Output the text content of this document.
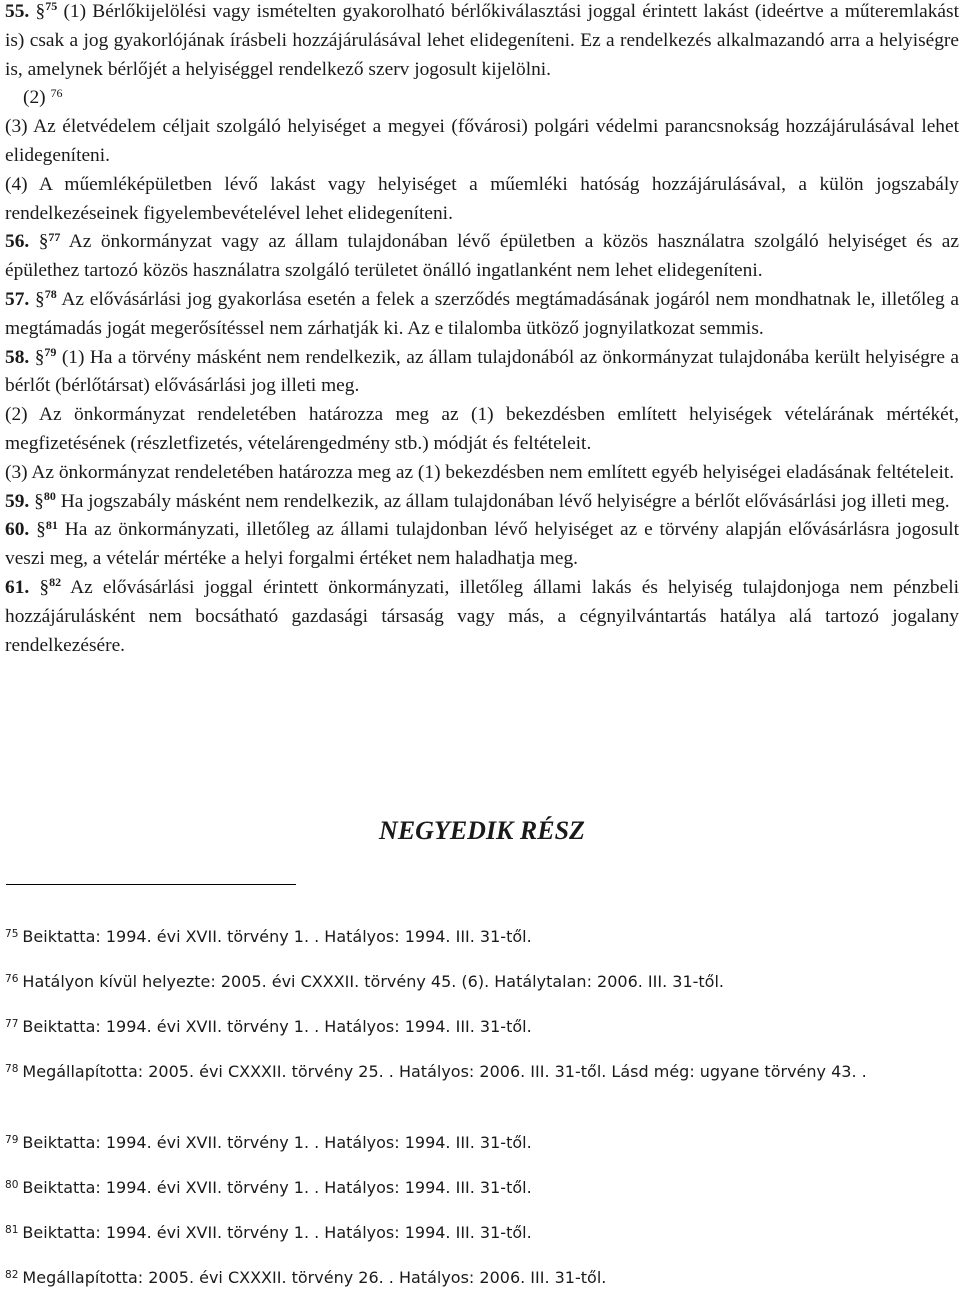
55. §$^{75}$ (1) Bérlőkijelölési vagy ismételten gyakorolható bérlőkiválasztási joggal érintett lakást (ideértve a műteremlakást is) csak a jog gyakorlójának írásbeli hozzájárulásával lehet elidegeníteni. Ez a rendelkezés alkalmazandó arra a helyiségre is, amelynek bérlőjét a helyiséggel rendelkező szerv jogosult kijelölni.

(2) $^{76}$

(3) Az életvédelem céljait szolgáló helyiséget a megyei (fővárosi) polgári védelmi parancsnokság hozzájárulásával lehet elidegeníteni.

(4) A műemléképületben lévő lakást vagy helyiséget a műemléki hatóság hozzájárulásával, a külön jogszabály rendelkezéseinek figyelembevételével lehet elidegeníteni.

56. §$^{77}$ Az önkormányzat vagy az állam tulajdonában lévő épületben a közös használatra szolgáló helyiséget és az épülethez tartozó közös használatra szolgáló területet önálló ingatlanként nem lehet elidegeníteni.

57. §$^{78}$ Az elővásárlási jog gyakorlása esetén a felek a szerződés megtámadásának jogáról nem mondhatnak le, illetőleg a megtámadás jogát megerősítéssel nem zárhatják ki. Az e tilalomba ütköző jognyilatkozat semmis.

58. §$^{79}$ (1) Ha a törvény másként nem rendelkezik, az állam tulajdonából az önkormányzat tulajdonába került helyiségre a bérlőt (bérlőtársat) elővásárlási jog illeti meg.

(2) Az önkormányzat rendeletében határozza meg az (1) bekezdésben említett helyiségek vételárának mértékét, megfizetésének (részletfizetés, vételárengedmény stb.) módját és feltételeit.

(3) Az önkormányzat rendeletében határozza meg az (1) bekezdésben nem említett egyéb helyiségei eladásának feltételeit.

59. §$^{80}$ Ha jogszabály másként nem rendelkezik, az állam tulajdonában lévő helyiségre a bérlőt elővásárlási jog illeti meg.

60. §$^{81}$ Ha az önkormányzati, illetőleg az állami tulajdonban lévő helyiséget az e törvény alapján elővásárlásra jogosult veszi meg, a vételár mértéke a helyi forgalmi értéket nem haladhatja meg.

61. §$^{82}$ Az elővásárlási joggal érintett önkormányzati, illetőleg állami lakás és helyiség tulajdonjoga nem pénzbeli hozzájárulásként nem bocsátható gazdasági társaság vagy más, a cégnyilvántartás hatálya alá tartozó jogalany rendelkezésére.

NEGYEDIK RÉSZ

$^{75}$ Beiktatta: 1994. évi XVII. törvény 1. . Hatályos: 1994. III. 31-től.

$^{76}$ Hatályon kívül helyezte: 2005. évi CXXXII. törvény 45. (6). Hatálytalan: 2006. III. 31-től.

$^{77}$ Beiktatta: 1994. évi XVII. törvény 1. . Hatályos: 1994. III. 31-től.

$^{78}$ Megállapította: 2005. évi CXXXII. törvény 25. . Hatályos: 2006. III. 31-től. Lásd még: ugyane törvény 43. .

$^{79}$ Beiktatta: 1994. évi XVII. törvény 1. . Hatályos: 1994. III. 31-től.

$^{80}$ Beiktatta: 1994. évi XVII. törvény 1. . Hatályos: 1994. III. 31-től.

$^{81}$ Beiktatta: 1994. évi XVII. törvény 1. . Hatályos: 1994. III. 31-től.

$^{82}$ Megállapította: 2005. évi CXXXII. törvény 26. . Hatályos: 2006. III. 31-től.
